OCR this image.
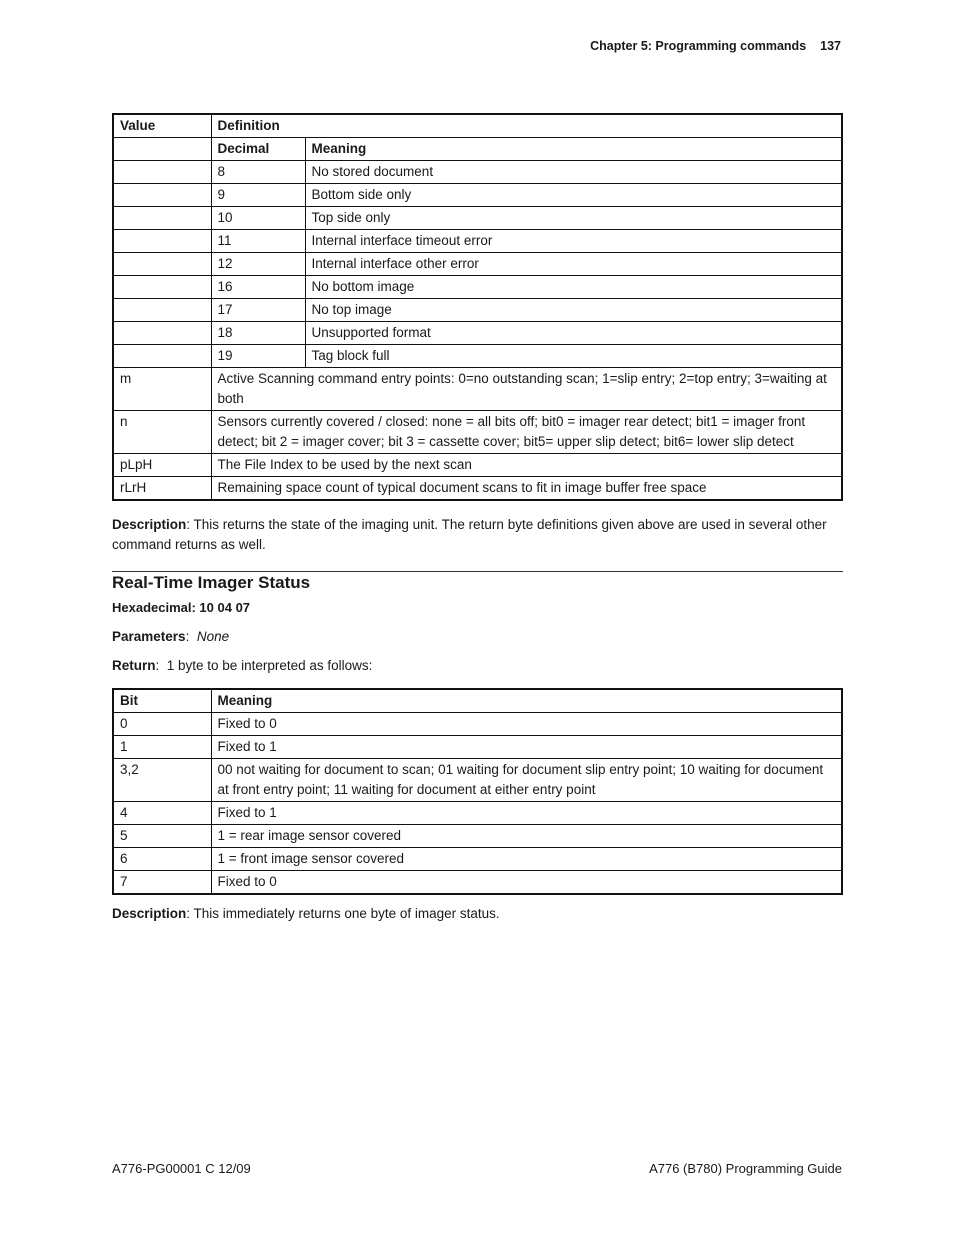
Chapter 5: Programming commands 137
Value	Definition	
	Decimal	Meaning
	8	No stored document
	9	Bottom side only
	10	Top side only
	11	Internal interface timeout error
	12	Internal interface other error
	16	No bottom image
	17	No top image
	18	Unsupported format
	19	Tag block full
m	Active Scanning command entry points: 0=no outstanding scan; 1=slip entry; 2=top entry; 3=waiting at both	
n	Sensors currently covered / closed: none = all bits off; bit0 = imager rear detect; bit1 = imager front detect; bit 2 = imager cover; bit 3 = cassette cover; bit5= upper slip detect; bit6= lower slip detect	
pLpH	The File Index to be used by the next scan	
rLrH	Remaining space count of typical document scans to fit in image buffer free space	

Description: This returns the state of the imaging unit. The return byte definitions given above are used in several other command returns as well.

Real-Time Imager Status

Hexadecimal: 10 04 07

Parameters:  None

Return:  1 byte to be interpreted as follows:

Bit	Meaning
0	Fixed to 0
1	Fixed to 1
3,2	00 not waiting for document to scan; 01 waiting for document slip entry point; 10 waiting for document at front entry point; 11 waiting for document at either entry point
4	Fixed to 1
5	1 = rear image sensor covered
6	1 = front image sensor covered
7	Fixed to 0

Description: This immediately returns one byte of imager status.

A776-PG00001 C 12/09	A776 (B780) Programming Guide
